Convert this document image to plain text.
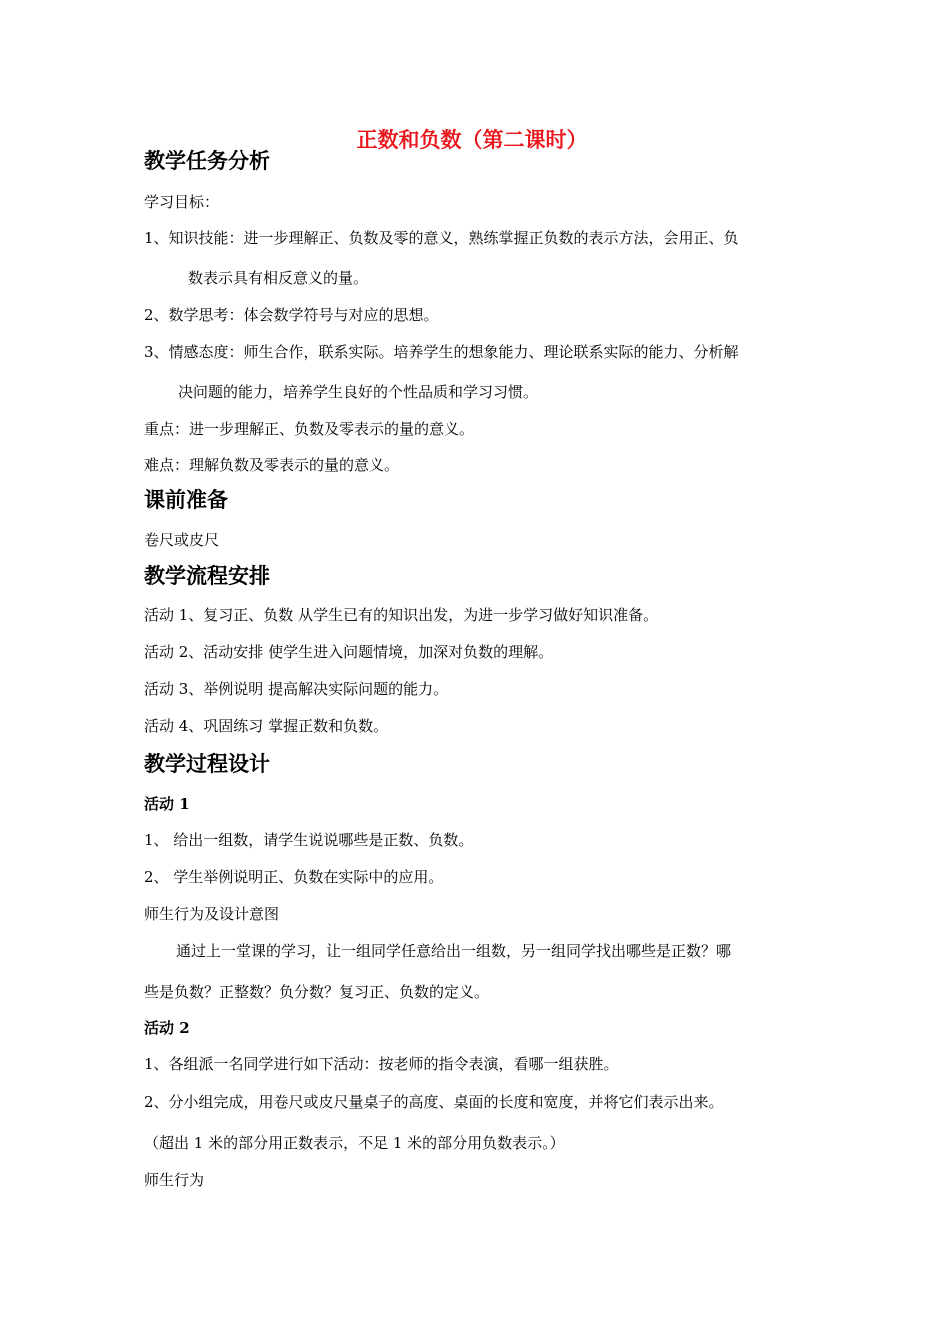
正数和负数（第二课时）
教学任务分析
学习目标：
1、知识技能：进一步理解正、负数及零的意义，熟练掌握正负数的表示方法，会用正、负
数表示具有相反意义的量。
2、数学思考：体会数学符号与对应的思想。
3、情感态度：师生合作，联系实际。培养学生的想象能力、理论联系实际的能力、分析解
决问题的能力，培养学生良好的个性品质和学习习惯。
重点：进一步理解正、负数及零表示的量的意义。
难点：理解负数及零表示的量的意义。
课前准备
卷尺或皮尺
教学流程安排
活动 1、复习正、负数 从学生已有的知识出发，为进一步学习做好知识准备。
活动 2、活动安排 使学生进入问题情境，加深对负数的理解。
活动 3、举例说明 提高解决实际问题的能力。
活动 4、巩固练习 掌握正数和负数。
教学过程设计
活动 1
1、 给出一组数，请学生说说哪些是正数、负数。
2、 学生举例说明正、负数在实际中的应用。
师生行为及设计意图
通过上一堂课的学习，让一组同学任意给出一组数，另一组同学找出哪些是正数？哪
些是负数？正整数？负分数？复习正、负数的定义。
活动 2
1、各组派一名同学进行如下活动：按老师的指令表演，看哪一组获胜。
2、分小组完成，用卷尺或皮尺量桌子的高度、桌面的长度和宽度，并将它们表示出来。
（超出 1 米的部分用正数表示，不足 1 米的部分用负数表示。）
师生行为
